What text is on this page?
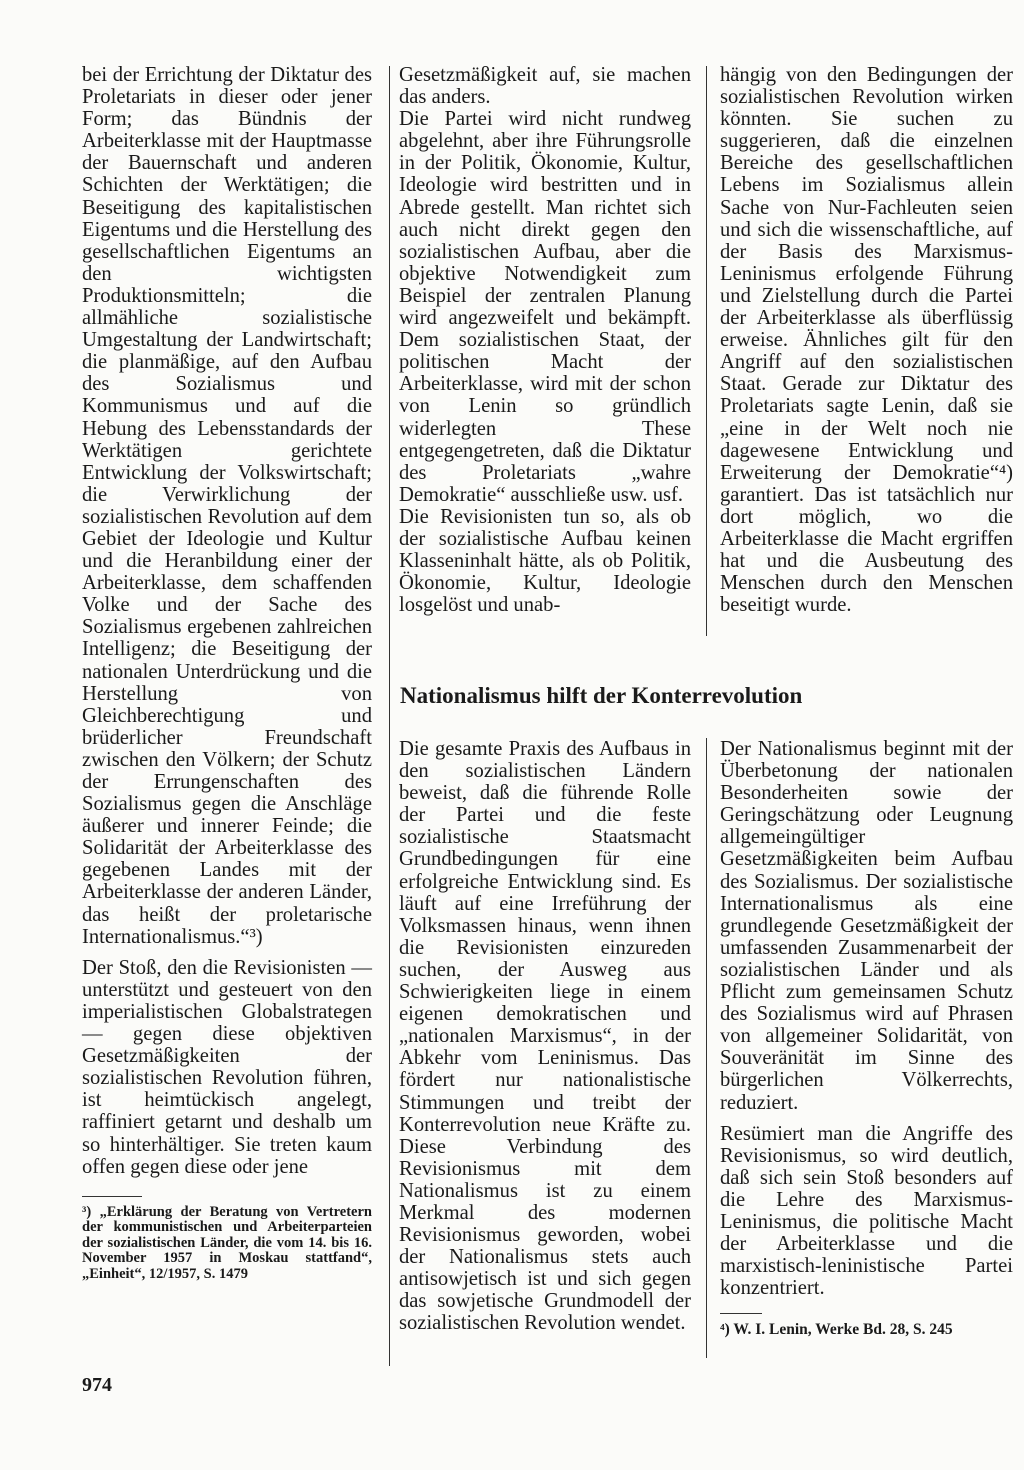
bei der Errichtung der Diktatur des Proletariats in dieser oder jener Form; das Bündnis der Arbeiterklasse mit der Hauptmasse der Bauernschaft und anderen Schichten der Werktätigen; die Beseitigung des kapitalistischen Eigentums und die Herstellung des gesellschaftlichen Eigentums an den wichtigsten Produktionsmitteln; die allmähliche sozialistische Umgestaltung der Landwirtschaft; die planmäßige, auf den Aufbau des Sozialismus und Kommunismus und auf die Hebung des Lebensstandards der Werktätigen gerichtete Entwicklung der Volkswirtschaft; die Verwirklichung der sozialistischen Revolution auf dem Gebiet der Ideologie und Kultur und die Heranbildung einer der Arbeiterklasse, dem schaffenden Volke und der Sache des Sozialismus ergebenen zahlreichen Intelligenz; die Beseitigung der nationalen Unterdrückung und die Herstellung von Gleichberechtigung und brüderlicher Freundschaft zwischen den Völkern; der Schutz der Errungenschaften des Sozialismus gegen die Anschläge äußerer und innerer Feinde; die Solidarität der Arbeiterklasse des gegebenen Landes mit der Arbeiterklasse der anderen Länder, das heißt der proletarische Internationalismus.“³)

Der Stoß, den die Revisionisten — unterstützt und gesteuert von den imperialistischen Globalstrategen — gegen diese objektiven Gesetzmäßigkeiten der sozialistischen Revolution führen, ist heimtückisch angelegt, raffiniert getarnt und deshalb um so hinterhältiger. Sie treten kaum offen gegen diese oder jene

³) „Erklärung der Beratung von Vertretern der kommunistischen und Arbeiterparteien der sozialistischen Länder, die vom 14. bis 16. November 1957 in Moskau stattfand“, „Einheit“, 12/1957, S. 1479

Gesetzmäßigkeit auf, sie machen das anders.

Die Partei wird nicht rundweg abgelehnt, aber ihre Führungsrolle in der Politik, Ökonomie, Kultur, Ideologie wird bestritten und in Abrede gestellt. Man richtet sich auch nicht direkt gegen den sozialistischen Aufbau, aber die objektive Notwendigkeit zum Beispiel der zentralen Planung wird angezweifelt und bekämpft. Dem sozialistischen Staat, der politischen Macht der Arbeiterklasse, wird mit der schon von Lenin so gründlich widerlegten These entgegengetreten, daß die Diktatur des Proletariats „wahre Demokratie“ ausschließe usw. usf.

Die Revisionisten tun so, als ob der sozialistische Aufbau keinen Klasseninhalt hätte, als ob Politik, Ökonomie, Kultur, Ideologie losgelöst und unab-

hängig von den Bedingungen der sozialistischen Revolution wirken könnten. Sie suchen zu suggerieren, daß die einzelnen Bereiche des gesellschaftlichen Lebens im Sozialismus allein Sache von Nur-Fachleuten seien und sich die wissenschaftliche, auf der Basis des Marxismus-Leninismus erfolgende Führung und Zielstellung durch die Partei der Arbeiterklasse als überflüssig erweise. Ähnliches gilt für den Angriff auf den sozialistischen Staat. Gerade zur Diktatur des Proletariats sagte Lenin, daß sie „eine in der Welt noch nie dagewesene Entwicklung und Erweiterung der Demokratie“⁴) garantiert. Das ist tatsächlich nur dort möglich, wo die Arbeiterklasse die Macht ergriffen hat und die Ausbeutung des Menschen durch den Menschen beseitigt wurde.

Nationalismus hilft der Konterrevolution

Die gesamte Praxis des Aufbaus in den sozialistischen Ländern beweist, daß die führende Rolle der Partei und die feste sozialistische Staatsmacht Grundbedingungen für eine erfolgreiche Entwicklung sind. Es läuft auf eine Irreführung der Volksmassen hinaus, wenn ihnen die Revisionisten einzureden suchen, der Ausweg aus Schwierigkeiten liege in einem eigenen demokratischen und „nationalen Marxismus“, in der Abkehr vom Leninismus. Das fördert nur nationalistische Stimmungen und treibt der Konterrevolution neue Kräfte zu. Diese Verbindung des Revisionismus mit dem Nationalismus ist zu einem Merkmal des modernen Revisionismus geworden, wobei der Nationalismus stets auch antisowjetisch ist und sich gegen das sowjetische Grundmodell der sozialistischen Revolution wendet.

Der Nationalismus beginnt mit der Überbetonung der nationalen Besonderheiten sowie der Geringschätzung oder Leugnung allgemeingültiger Gesetzmäßigkeiten beim Aufbau des Sozialismus. Der sozialistische Internationalismus als eine grundlegende Gesetzmäßigkeit der umfassenden Zusammenarbeit der sozialistischen Länder und als Pflicht zum gemeinsamen Schutz des Sozialismus wird auf Phrasen von allgemeiner Solidarität, von Souveränität im Sinne des bürgerlichen Völkerrechts, reduziert.

Resümiert man die Angriffe des Revisionismus, so wird deutlich, daß sich sein Stoß besonders auf die Lehre des Marxismus-Leninismus, die politische Macht der Arbeiterklasse und die marxistisch-leninistische Partei konzentriert.

⁴) W. I. Lenin, Werke Bd. 28, S. 245

974
